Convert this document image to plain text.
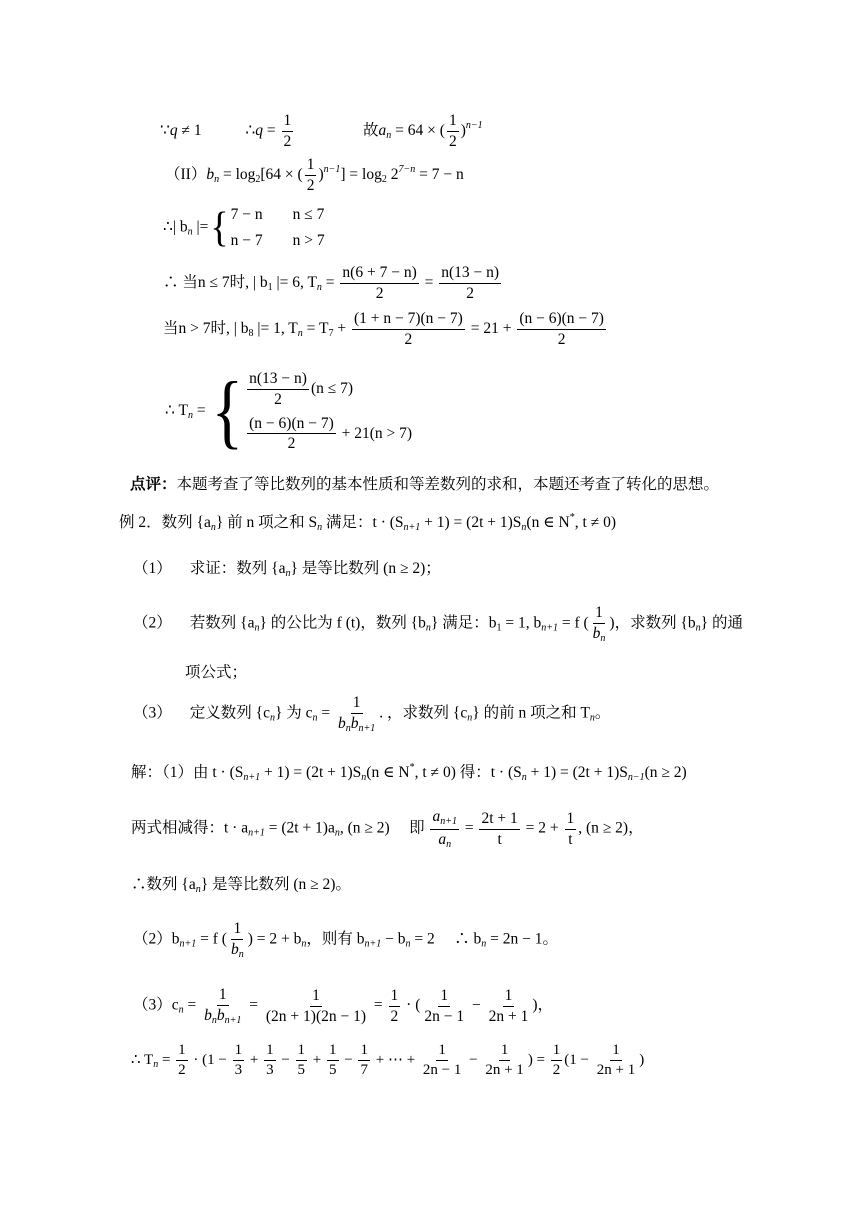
∵q ≠ 1	∴q = $\frac{1}{2}$	故$a_n = 64$ × ( $\frac{1}{2} )^{n-1}$
$(II)b_n = \log_2[64$ × ( $\frac{1}{2} )^{n-1}] = \log_2 2^{7-n} = 7 - n$
∴| $b_n$ |={ 7 − n n ≤ 7
n − 7 n > 7
∴ 当n ≤ 7时, | $b_1$ |= 6, $T_n = \frac{n(6 + 7 - n)}{2} = \frac{n(13 - n)}{2}$
当n > 7时, | $b_8$ |= 1, $T_n = T_7 + \frac{(1 + n - 7)(n - 7)}{2} = 21 + \frac{(n - 6)(n - 7)}{2}$
∴ $T_n$ = { $\frac{n(13 - n)}{2} (n \le 7)$
$\frac{(n - 6)(n - 7)}{2} + 21(n > 7)$
点评：本题考查了等比数列的基本性质和等差数列的求和，本题还考查了转化的思想。
例 2．数列 $\{a_n\}$ 前 n 项之和 $S_n$ 满足：$t \cdot (S_{n+1} + 1) = (2t + 1)S_n(n$ ∈ N*, t ≠ 0)
（1） 求证：数列 $\{a_n\}$ 是等比数列 (n ≥ 2)；
（2） 若数列 $\{a_n\}$ 的公比为 f (t)，数列 $\{b_n\}$ 满足：$b_1 = 1$, $b_{n+1} = f$ ( $\frac{1}{b_n}$ )，求数列 $\{b_n\}$ 的通
项公式；
（3） 定义数列 $\{c_n\}$ 为 $c_n = \frac{1}{b_nb_{n+1}}$ . ，求数列 $\{c_n\}$ 的前 n 项之和 $T_n$。
解：（1）由 $t \cdot (S_{n+1} + 1) = (2t + 1)S_n(n$ ∈ N*, t ≠ 0) 得：$t \cdot (S_n + 1) = (2t + 1)S_{n-1}(n \ge 2)$
两式相减得：$t \cdot a_{n+1} = (2t + 1)a_n$, (n ≥ 2)　 即 $\frac{a_{n+1}}{a_n} = \frac{2t + 1}{t} = 2 + \frac{1}{t}$ , (n ≥ 2)，
∴数列 $\{a_n\}$ 是等比数列 (n ≥ 2)。
$(2)b_{n+1} = f$ ( $\frac{1}{b_n}$ ) = $2 + b_n$，则有 $b_{n+1} - b_n = 2$　 ∴ $b_n = 2n - 1$。
$(3)c_n = \frac{1}{b_nb_{n+1}} = \frac{1}{(2n + 1)(2n - 1)} = \frac{1}{2}$ · ( $\frac{1}{2n - 1} - \frac{1}{2n + 1}$ )，
∴ $T_n = \frac{1}{2} \cdot (1 - \frac{1}{3} + \frac{1}{3} - \frac{1}{5} + \frac{1}{5} - \frac{1}{7}$ + ⋯ + $\frac{1}{2n - 1} - \frac{1}{2n + 1}$ ) = $\frac{1}{2} (1 - \frac{1}{2n + 1}$ )
